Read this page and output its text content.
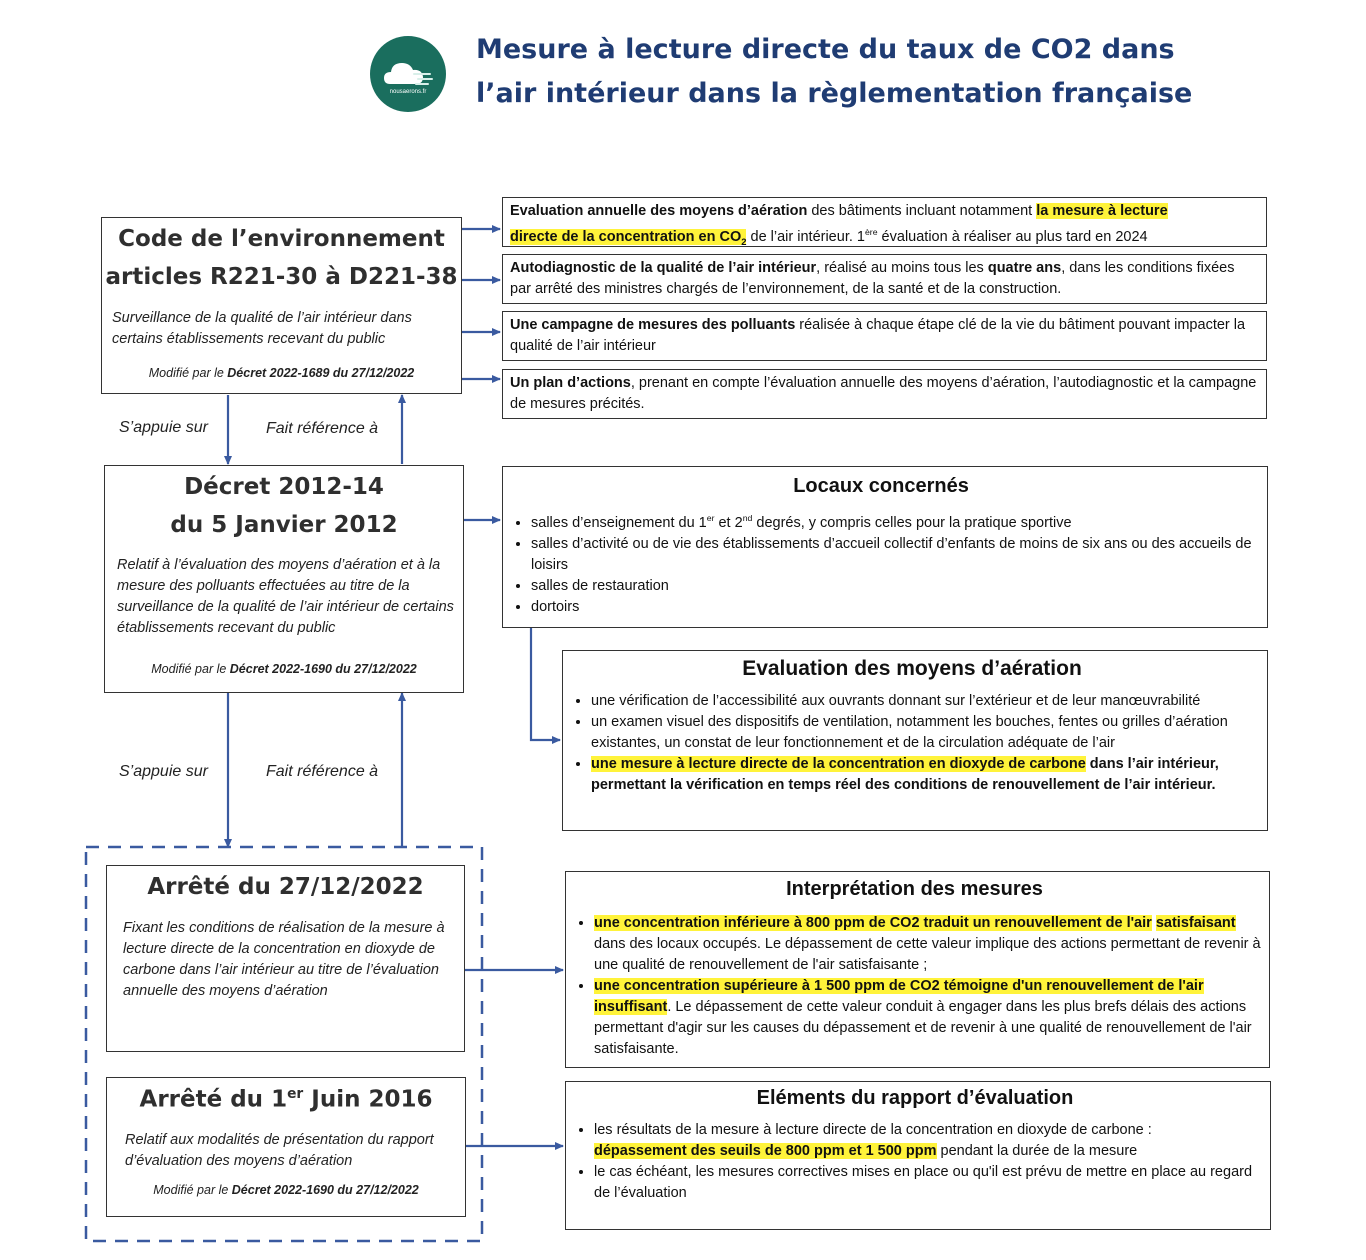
nousaerons.fr
Mesure à lecture directe du taux de CO2 dans
l’air intérieur dans la règlementation française
Code de l’environnement
articles R221-30 à D221-38
Surveillance de la qualité de l’air intérieur dans certains établissements recevant du public
Modifié par le Décret 2022-1689 du 27/12/2022
Evaluation annuelle des moyens d’aération des bâtiments incluant notamment la mesure à lecture
directe de la concentration en $CO_2$ de l’air intérieur. 1ère évaluation à réaliser au plus tard en 2024
Autodiagnostic de la qualité de l’air intérieur, réalisé au moins tous les quatre ans, dans les conditions fixées par arrêté des ministres chargés de l’environnement, de la santé et de la construction.
Une campagne de mesures des polluants réalisée à chaque étape clé de la vie du bâtiment pouvant impacter la qualité de l’air intérieur
Un plan d’actions, prenant en compte l’évaluation annuelle des moyens d’aération, l’autodiagnostic et la campagne de mesures précités.
S’appuie sur	Fait référence à
S’appuie sur	Fait référence à
Décret 2012-14
du 5 Janvier 2012
Relatif à l’évaluation des moyens d’aération et à la mesure des polluants effectuées au titre de la surveillance de la qualité de l’air intérieur de certains établissements recevant du public
Modifié par le Décret 2022-1690 du 27/12/2022
Locaux concernés
• salles d’enseignement du 1er et 2nd degrés, y compris celles pour la pratique sportive
• salles d’activité ou de vie des établissements d’accueil collectif d’enfants de moins de six ans ou des accueils de loisirs
• salles de restauration
• dortoirs
Evaluation des moyens d’aération
• une vérification de l’accessibilité aux ouvrants donnant sur l’extérieur et de leur manœuvrabilité
• un examen visuel des dispositifs de ventilation, notamment les bouches, fentes ou grilles d’aération existantes, un constat de leur fonctionnement et de la circulation adéquate de l’air
• une mesure à lecture directe de la concentration en dioxyde de carbone dans l’air intérieur, permettant la vérification en temps réel des conditions de renouvellement de l’air intérieur.
Arrêté du 27/12/2022
Fixant les conditions de réalisation de la mesure à lecture directe de la concentration en dioxyde de carbone dans l’air intérieur au titre de l’évaluation annuelle des moyens d’aération
Interprétation des mesures
• une concentration inférieure à 800 ppm de CO2 traduit un renouvellement de l'air satisfaisant dans des locaux occupés. Le dépassement de cette valeur implique des actions permettant de revenir à une qualité de renouvellement de l'air satisfaisante ;
• une concentration supérieure à 1 500 ppm de CO2 témoigne d'un renouvellement de l'air insuffisant. Le dépassement de cette valeur conduit à engager dans les plus brefs délais des actions permettant d'agir sur les causes du dépassement et de revenir à une qualité de renouvellement de l'air satisfaisante.
Arrêté du 1er Juin 2016
Relatif aux modalités de présentation du rapport d’évaluation des moyens d’aération
Modifié par le Décret 2022-1690 du 27/12/2022
Eléments du rapport d’évaluation
• les résultats de la mesure à lecture directe de la concentration en dioxyde de carbone :
dépassement des seuils de 800 ppm et 1 500 ppm pendant la durée de la mesure
• le cas échéant, les mesures correctives mises en place ou qu'il est prévu de mettre en place au regard de l’évaluation
